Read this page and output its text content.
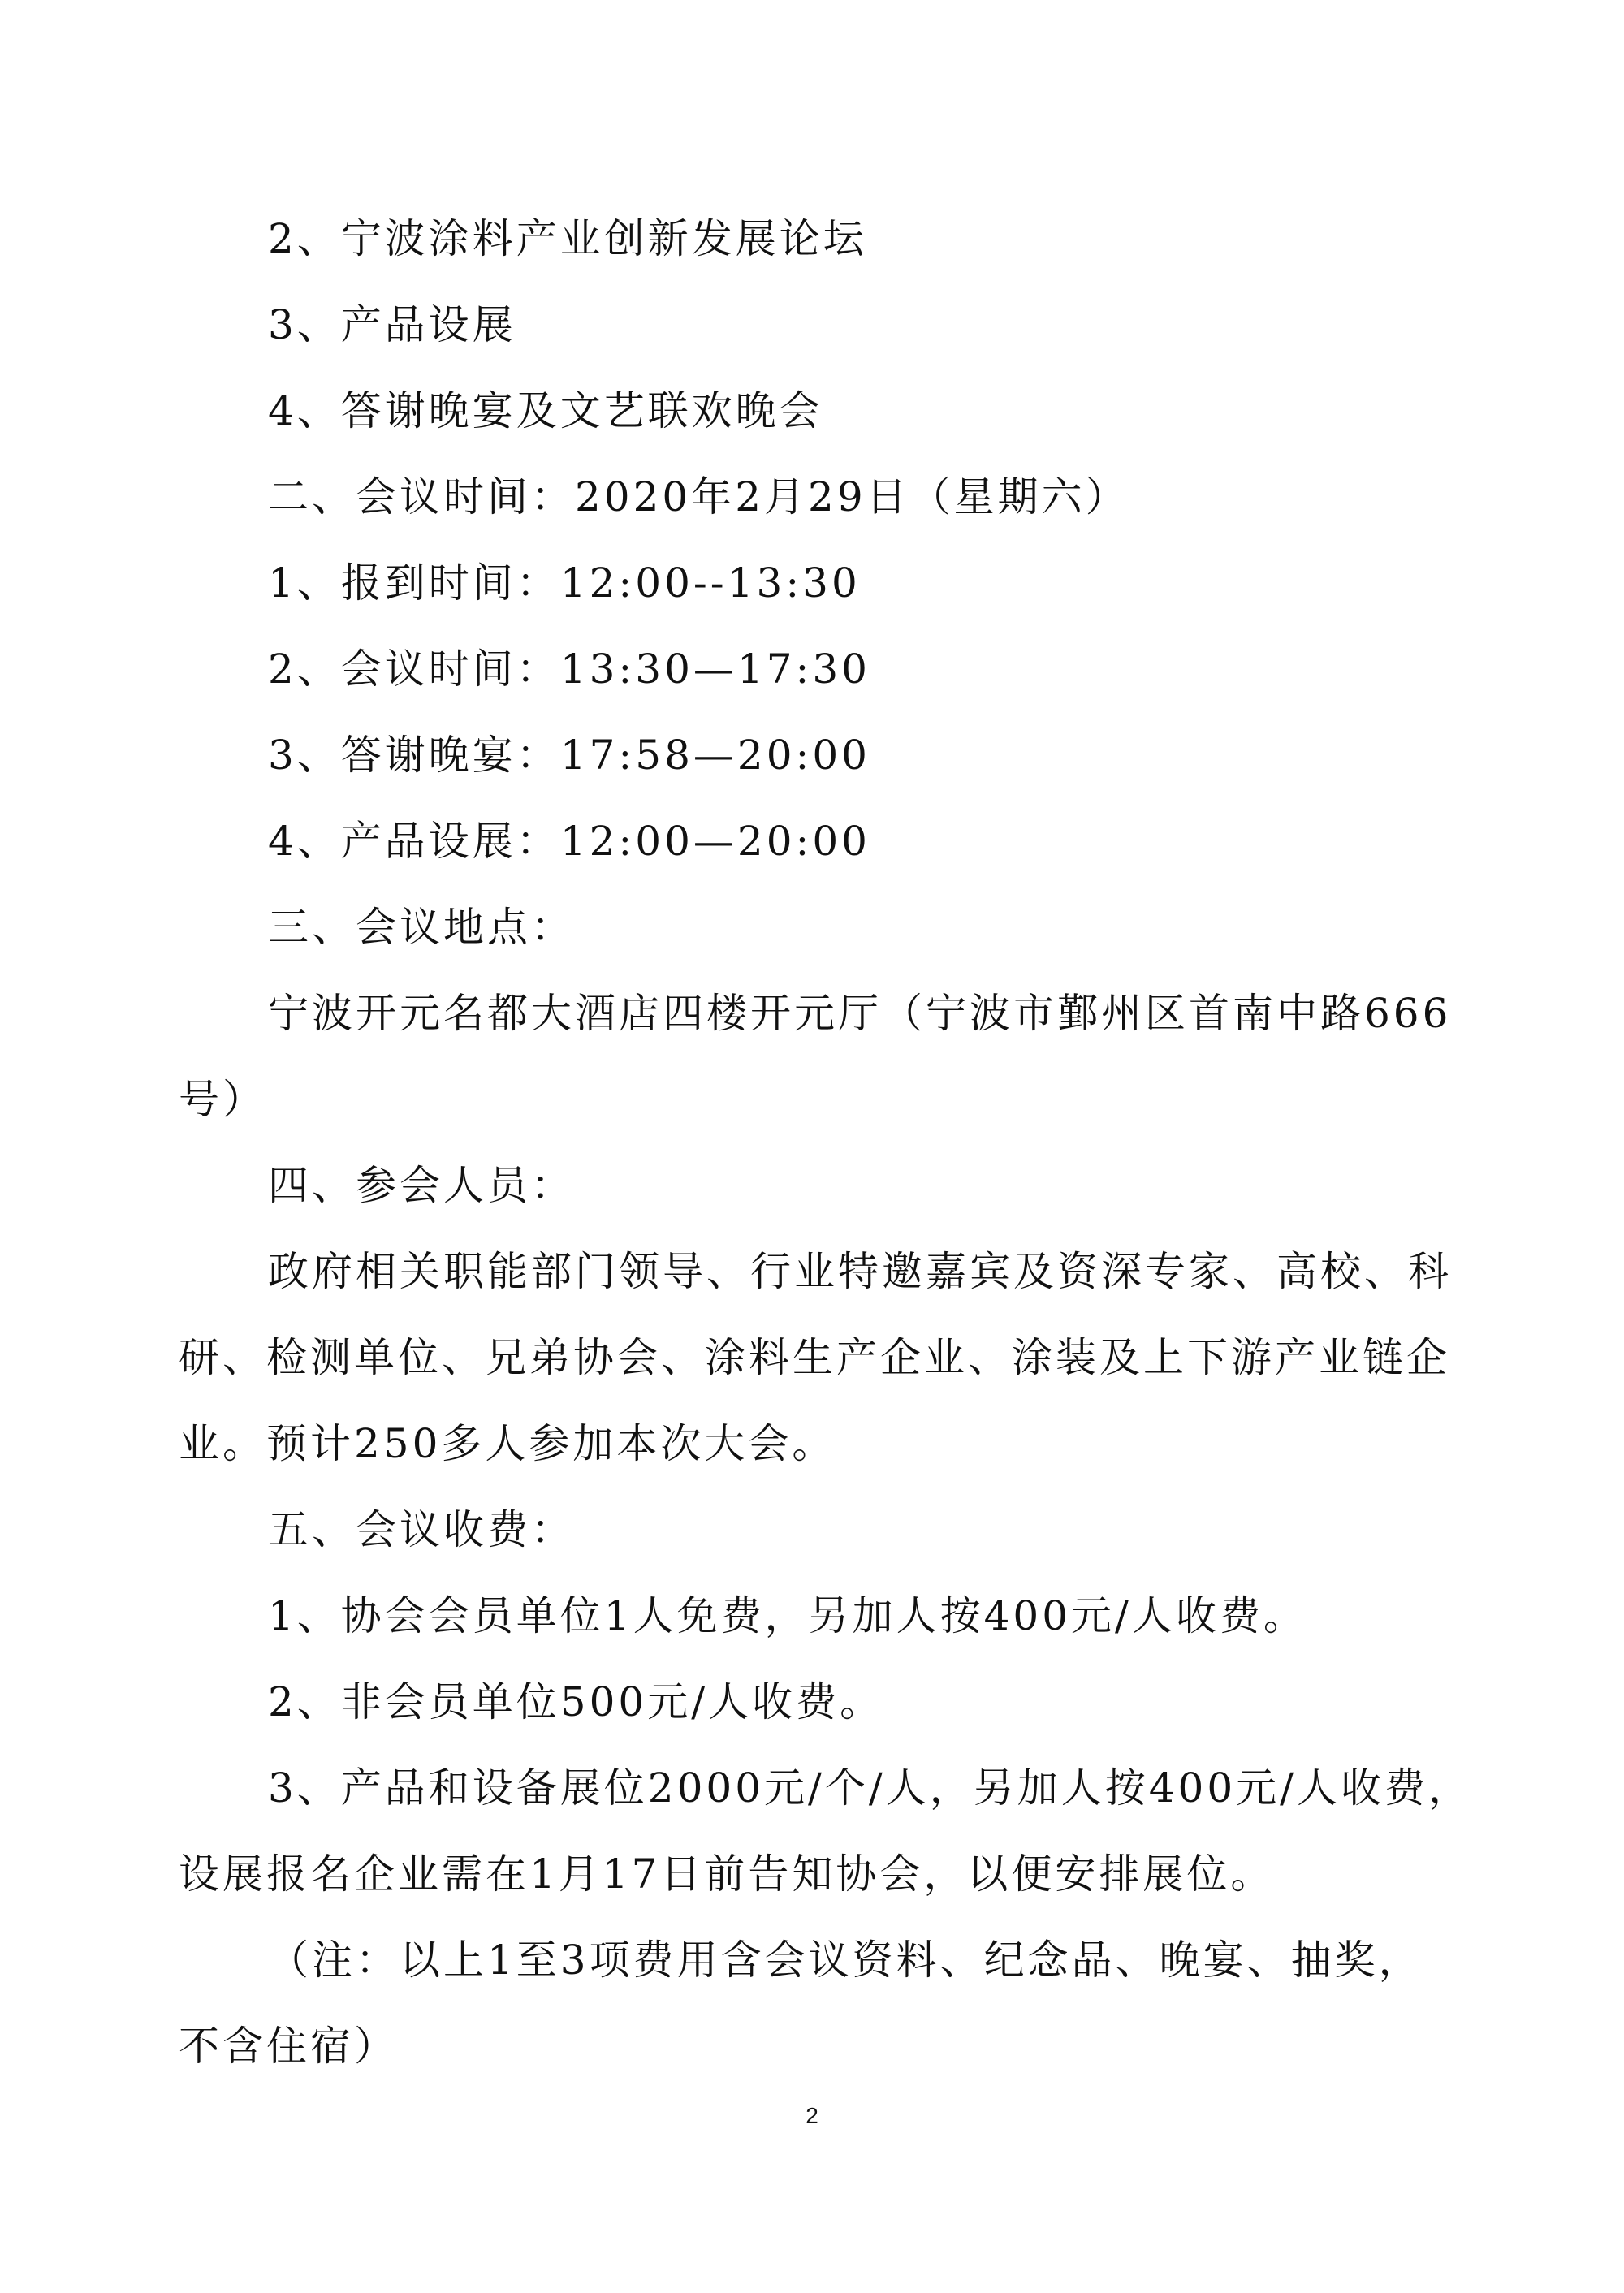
2、宁波涂料产业创新发展论坛
3、产品设展
4、答谢晚宴及文艺联欢晚会
二、会议时间：2020年2月29日（星期六）
1、报到时间：12:00--13:30
2、会议时间：13:30—17:30
3、答谢晚宴：17:58—20:00
4、产品设展：12:00—20:00
三、会议地点：
宁波开元名都大酒店四楼开元厅（宁波市鄞州区首南中路666
号）
四、参会人员：
政府相关职能部门领导、行业特邀嘉宾及资深专家、高校、科
研、检测单位、兄弟协会、涂料生产企业、涂装及上下游产业链企
业。预计250多人参加本次大会。
五、会议收费：
1、协会会员单位1人免费，另加人按400元/人收费。
2、非会员单位500元/人收费。
3、产品和设备展位2000元/个/人，另加人按400元/人收费，
设展报名企业需在1月17日前告知协会，以便安排展位。
（注：以上1至3项费用含会议资料、纪念品、晚宴、抽奖，
不含住宿）
2
